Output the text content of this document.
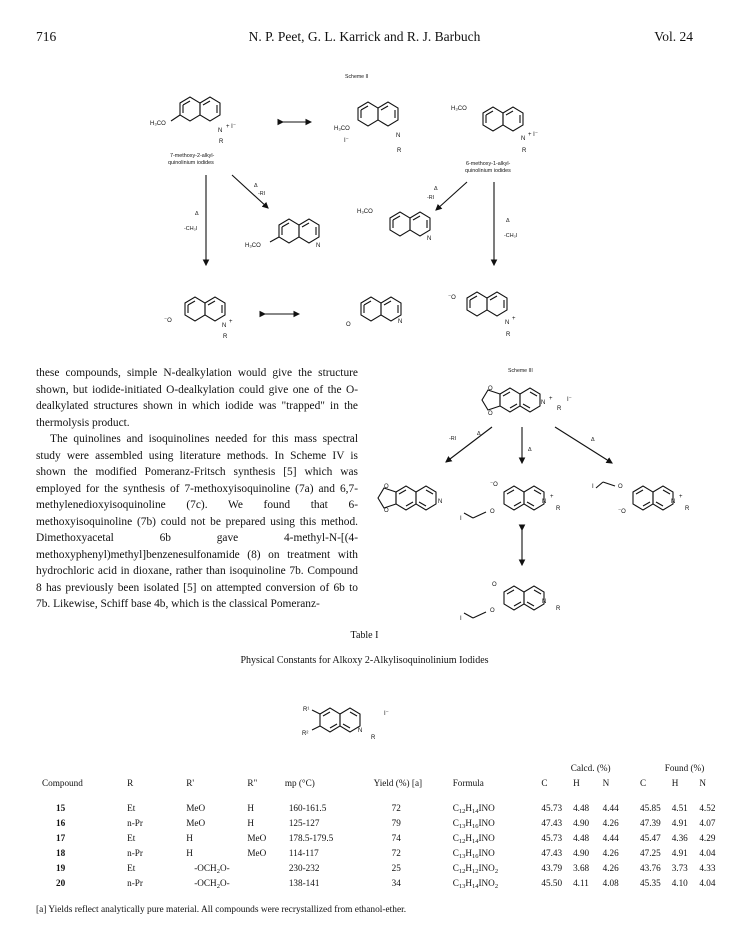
716	N. P. Peet, G. L. Karrick and R. J. Barbuch	Vol. 24
Scheme II
H₃CO
N
+ I⁻
R
7-methoxy-2-alkyl-
quinolinium iodides
H₃CO
I⁻
N
R
H₃CO
N
+ I⁻
R
6-methoxy-1-alkyl-
quinolinium iodides
Δ
-CH₃I
Δ
-RI
Δ
-RI
Δ
-CH₃I
H₃CO	N
H₃CO
N
⁻O
N
+
R
O	N
⁻O
N
+
R

these compounds, simple N-dealkylation would give the structure shown, but iodide-initiated O-dealkylation could give one of the O-dealkylated structures shown in which iodide was "trapped" in the thermolysis product.

The quinolines and isoquinolines needed for this mass spectral study were assembled using literature methods. In Scheme IV is shown the modified Pomeranz-Fritsch synthesis [5] which was employed for the synthesis of 7-methoxyisoquinoline (7a) and 6,7-methylenedioxyisoquinoline (7c). We found that 6-methoxyisoquinoline (7b) could not be prepared using this method. Dimethoxyacetal 6b gave 4-methyl-N-[(4-methoxyphenyl)methyl]benzenesulfonamide (8) on treatment with hydrochloric acid in dioxane, rather than isoquinoline 7b. Compound 8 has previously been isolated [5] on attempted conversion of 6b to 7b. Likewise, Schiff base 4b, which is the classical Pomeranz-

Scheme III
O
O
N
+
R
I⁻
-RI
Δ
Δ
Δ
O
O
N
⁻O
O
I
N
+
R
O
I
⁻O
N
+
R
O
O
I
N
R
Table I
Physical Constants for Alkoxy 2-Alkylisoquinolinium Iodides
R¹
R²	N
R
I⁻
							Calcd. (%)			Found (%)		
Compound	R	R'	R"	mp (°C)	Yield (%) [a]	Formula	C	H	N	C	H	N
15	Et	MeO	H	160-161.5	72	$C_{12}H_{14}INO$	45.73	4.48	4.44	45.85	4.51	4.52
16	n-Pr	MeO	H	125-127	79	$C_{13}H_{16}INO$	47.43	4.90	4.26	47.39	4.91	4.07
17	Et	H	MeO	178.5-179.5	74	$C_{12}H_{14}INO$	45.73	4.48	4.44	45.47	4.36	4.29
18	n-Pr	H	MeO	114-117	72	$C_{13}H_{16}INO$	47.43	4.90	4.26	47.25	4.91	4.04
19	Et	$-OCH_2O-$		230-232	25	$C_{12}H_{12}INO_2$	43.79	3.68	4.26	43.76	3.73	4.33
20	n-Pr	$-OCH_2O-$		138-141	34	$C_{13}H_{14}INO_2$	45.50	4.11	4.08	45.35	4.10	4.04
[a] Yields reflect analytically pure material. All compounds were recrystallized from ethanol-ether.
